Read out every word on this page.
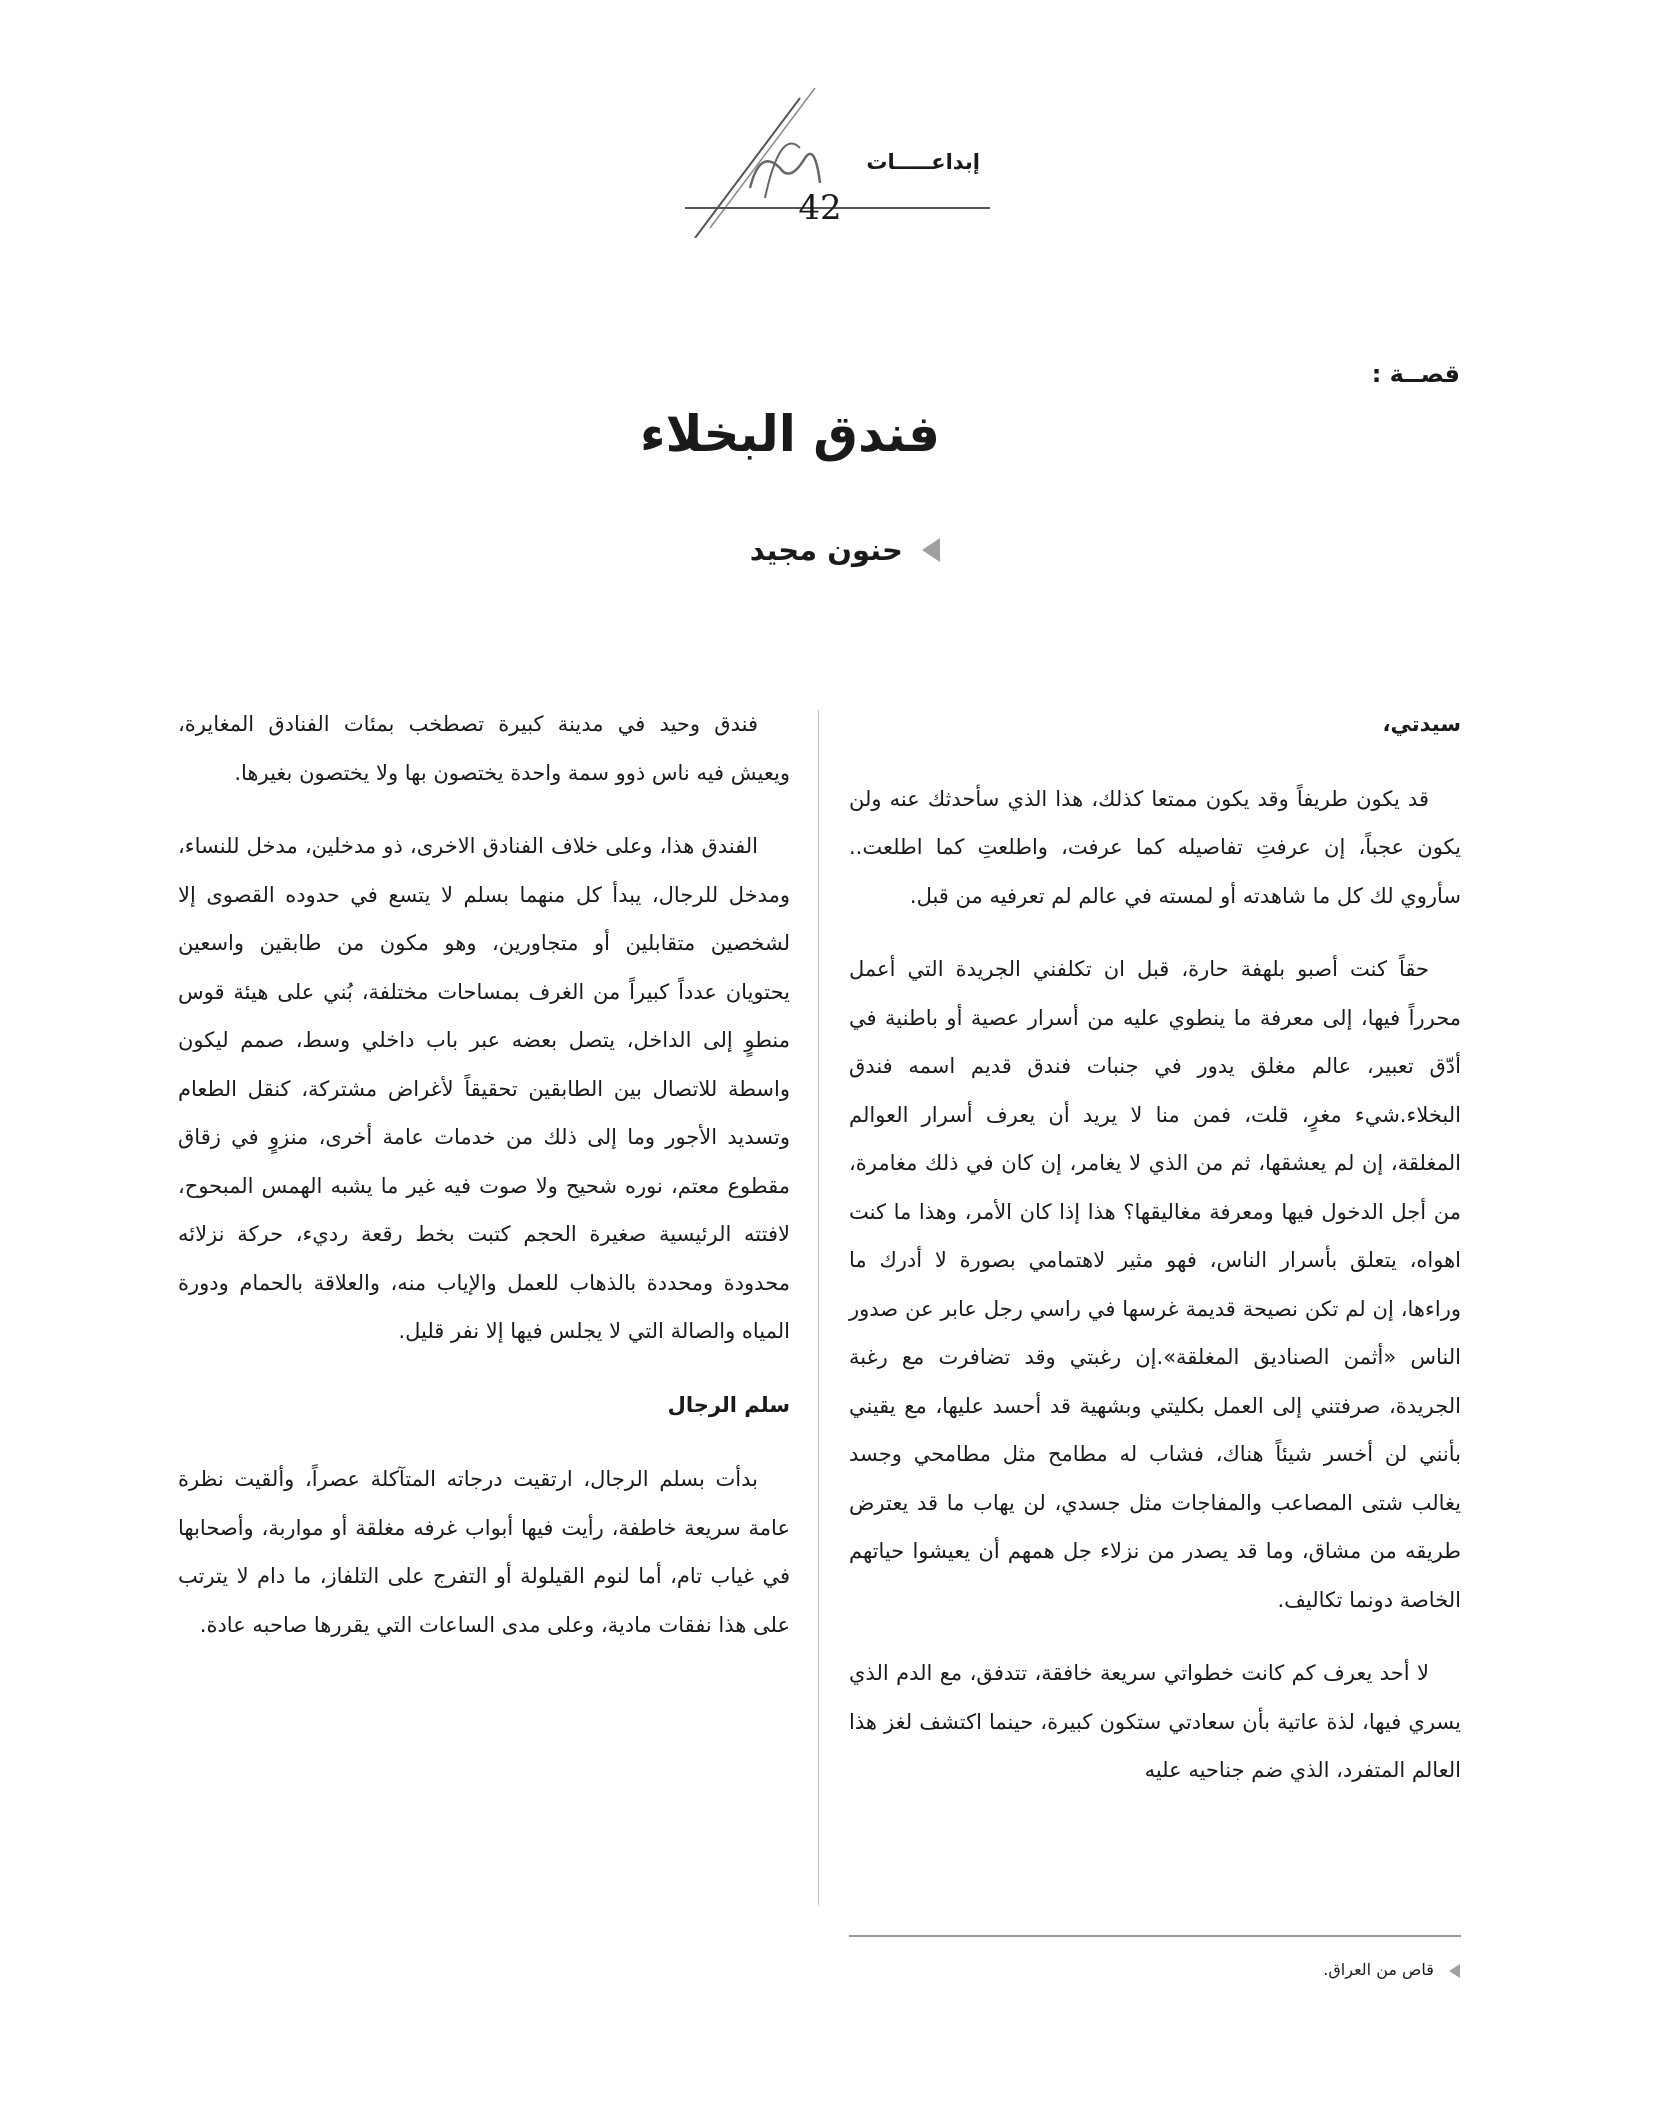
أفكار
إبداعـــــات
42
قصــة :
فندق البخلاء
حنون مجيد
سيدتي،

قد يكون طريفاً وقد يكون ممتعا كذلك، هذا الذي سأحدثك عنه ولن يكون عجباً، إن عرفتِ تفاصيله كما عرفت، واطلعتِ كما اطلعت.. سأروي لك كل ما شاهدته أو لمسته في عالم لم تعرفيه من قبل.

حقاً كنت أصبو بلهفة حارة، قبل ان تكلفني الجريدة التي أعمل محرراً فيها، إلى معرفة ما ينطوي عليه من أسرار عصية أو باطنية في أدّق تعبير، عالم مغلق يدور في جنبات فندق قديم اسمه فندق البخلاء.شيء مغرٍ، قلت، فمن منا لا يريد أن يعرف أسرار العوالم المغلقة، إن لم يعشقها، ثم من الذي لا يغامر، إن كان في ذلك مغامرة، من أجل الدخول فيها ومعرفة مغاليقها؟ هذا إذا كان الأمر، وهذا ما كنت اهواه، يتعلق بأسرار الناس، فهو مثير لاهتمامي بصورة لا أدرك ما وراءها، إن لم تكن نصيحة قديمة غرسها في راسي رجل عابر عن صدور الناس «أثمن الصناديق المغلقة».إن رغبتي وقد تضافرت مع رغبة الجريدة، صرفتني إلى العمل بكليتي وبشهية قد أحسد عليها، مع يقيني بأنني لن أخسر شيئاً هناك، فشاب له مطامح مثل مطامحي وجسد يغالب شتى المصاعب والمفاجات مثل جسدي، لن يهاب ما قد يعترض طريقه من مشاق، وما قد يصدر من نزلاء جل همهم أن يعيشوا حياتهم الخاصة دونما تكاليف.

لا أحد يعرف كم كانت خطواتي سريعة خافقة، تتدفق، مع الدم الذي يسري فيها، لذة عاتية بأن سعادتي ستكون كبيرة، حينما اكتشف لغز هذا العالم المتفرد، الذي ضم جناحيه عليه

فندق وحيد في مدينة كبيرة تصطخب بمئات الفنادق المغايرة، ويعيش فيه ناس ذوو سمة واحدة يختصون بها ولا يختصون بغيرها.

الفندق هذا، وعلى خلاف الفنادق الاخرى، ذو مدخلين، مدخل للنساء، ومدخل للرجال، يبدأ كل منهما بسلم لا يتسع في حدوده القصوى إلا لشخصين متقابلين أو متجاورين، وهو مكون من طابقين واسعين يحتويان عدداً كبيراً من الغرف بمساحات مختلفة، بُني على هيئة قوس منطوٍ إلى الداخل، يتصل بعضه عبر باب داخلي وسط، صمم ليكون واسطة للاتصال بين الطابقين تحقيقاً لأغراض مشتركة، كنقل الطعام وتسديد الأجور وما إلى ذلك من خدمات عامة أخرى، منزوٍ في زقاق مقطوع معتم، نوره شحيح ولا صوت فيه غير ما يشبه الهمس المبحوح، لافتته الرئيسية صغيرة الحجم كتبت بخط رقعة رديء، حركة نزلائه محدودة ومحددة بالذهاب للعمل والإياب منه، والعلاقة بالحمام ودورة المياه والصالة التي لا يجلس فيها إلا نفر قليل.

سلم الرجال

بدأت بسلم الرجال، ارتقيت درجاته المتآكلة عصراً، وألقيت نظرة عامة سريعة خاطفة، رأيت فيها أبواب غرفه مغلقة أو مواربة، وأصحابها في غياب تام، أما لنوم القيلولة أو التفرج على التلفاز، ما دام لا يترتب على هذا نفقات مادية، وعلى مدى الساعات التي يقررها صاحبه عادة.

قاص من العراق.
